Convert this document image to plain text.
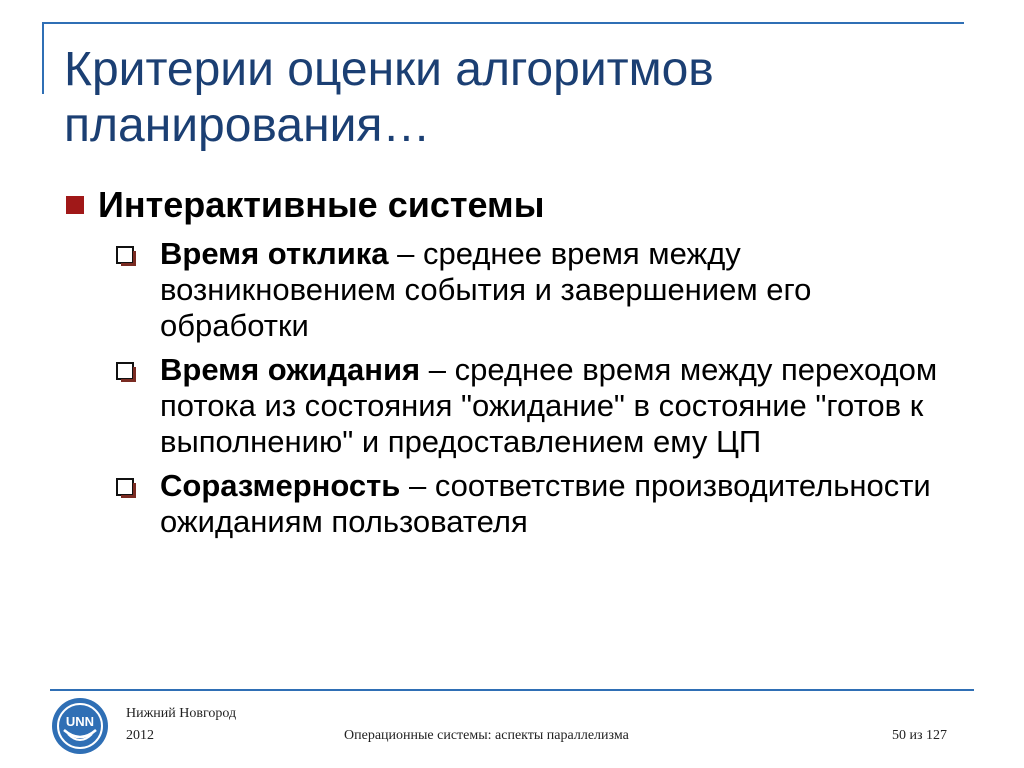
Критерии оценки алгоритмов
планирования…
Интерактивные системы

Время отклика – среднее время между возникновением события и завершением его обработки

Время ожидания – среднее время между переходом потока из состояния "ожидание" в состояние "готов к выполнению" и предоставлением ему ЦП

Соразмерность – соответствие производительности ожиданиям пользователя

UNN
Нижний Новгород
2012	Операционные системы: аспекты параллелизма	50 из 127
